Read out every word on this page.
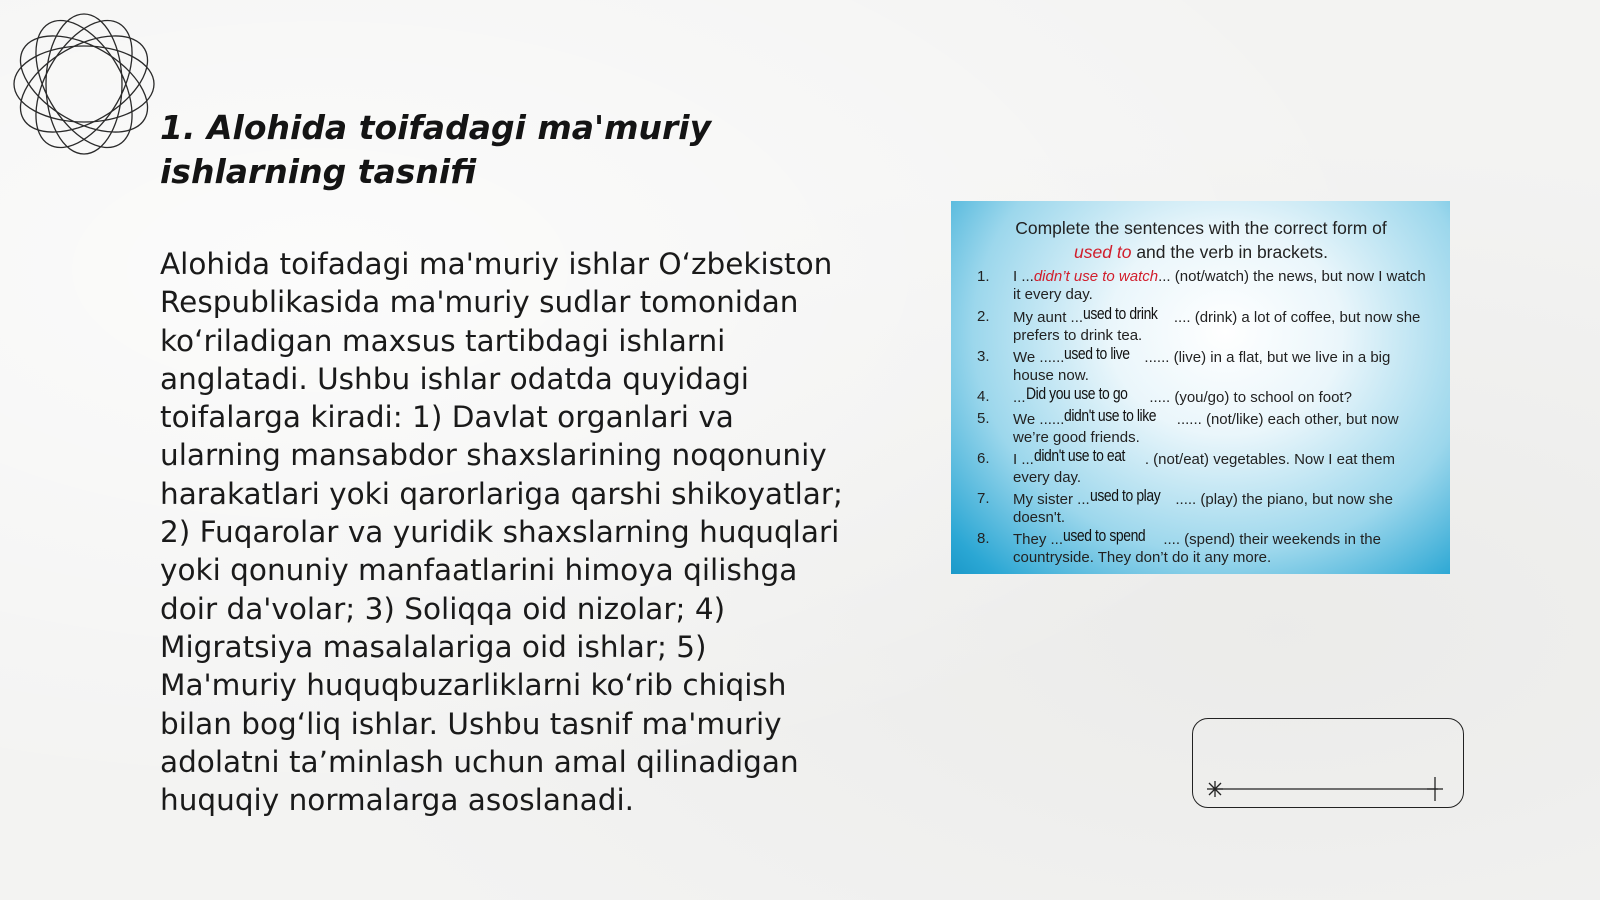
1. Alohida toifadagi ma'muriy ishlarning tasnifi

Alohida toifadagi ma'muriy ishlar O‘zbekiston Respublikasida ma'muriy sudlar tomonidan ko‘riladigan maxsus tartibdagi ishlarni anglatadi. Ushbu ishlar odatda quyidagi toifalarga kiradi: 1) Davlat organlari va ularning mansabdor shaxslarining noqonuniy harakatlari yoki qarorlariga qarshi shikoyatlar; 2) Fuqarolar va yuridik shaxslarning huquqlari yoki qonuniy manfaatlarini himoya qilishga doir da'volar; 3) Soliqqa oid nizolar; 4) Migratsiya masalalariga oid ishlar; 5) Ma'muriy huquqbuzarliklarni ko‘rib chiqish bilan bog‘liq ishlar. Ushbu tasnif ma'muriy adolatni ta’minlash uchun amal qilinadigan huquqiy normalarga asoslanadi.

Complete the sentences with the correct form of
used to and the verb in brackets.
1. I ...didn’t use to watch... (not/watch) the news, but now I watch it every day.
2. My aunt ...used to drink .... (drink) a lot of coffee, but now she prefers to drink tea.
3. We ......used to live ...... (live) in a flat, but we live in a big house now.
4. ...Did you use to go ..... (you/go) to school on foot?
5. We ......didn't use to like ...... (not/like) each other, but now we’re good friends.
6. I ...didn't use to eat . (not/eat) vegetables. Now I eat them every day.
7. My sister ...used to play ..... (play) the piano, but now she doesn't.
8. They ...used to spend .... (spend) their weekends in the countryside. They don’t do it any more.
